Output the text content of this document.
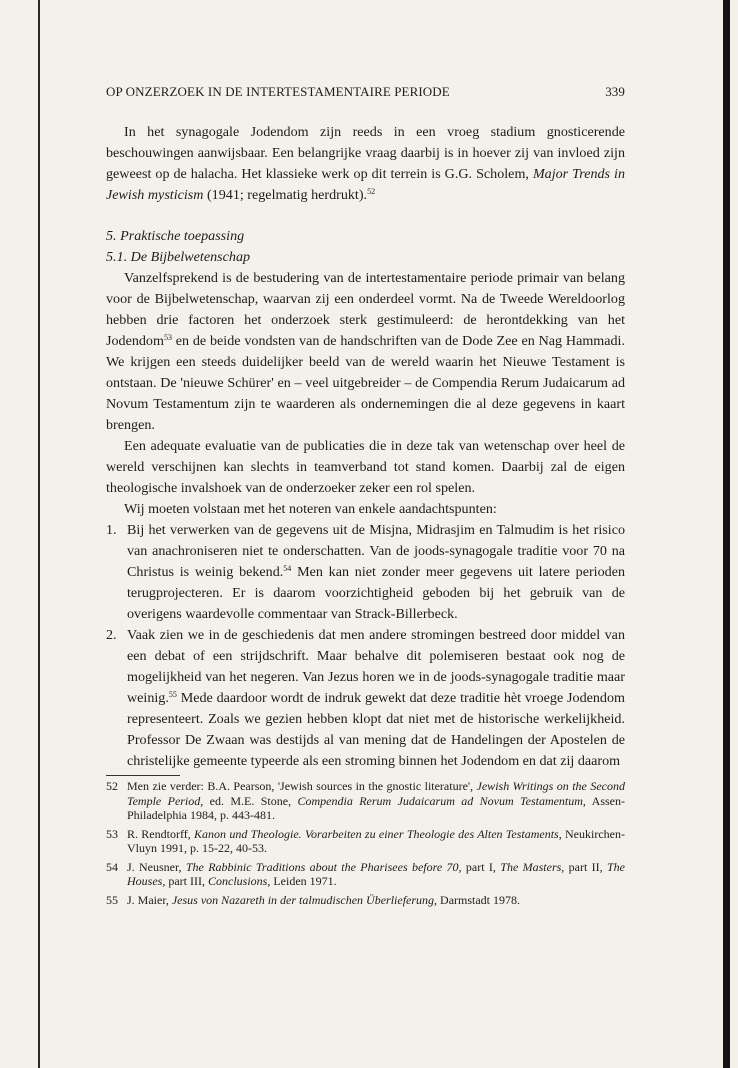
OP ONZERZOEK IN DE INTERTESTAMENTAIRE PERIODE	339

In het synagogale Jodendom zijn reeds in een vroeg stadium gnosticerende beschouwingen aanwijsbaar. Een belangrijke vraag daarbij is in hoever zij van invloed zijn geweest op de halacha. Het klassieke werk op dit terrein is G.G. Scholem, Major Trends in Jewish mysticism (1941; regelmatig herdrukt).$^{52}$

5. Praktische toepassing

5.1. De Bijbelwetenschap

Vanzelfsprekend is de bestudering van de intertestamentaire periode primair van belang voor de Bijbelwetenschap, waarvan zij een onderdeel vormt. Na de Tweede Wereldoorlog hebben drie factoren het onderzoek sterk gestimuleerd: de herontdekking van het Jodendom$^{53}$ en de beide vondsten van de handschriften van de Dode Zee en Nag Hammadi. We krijgen een steeds duidelijker beeld van de wereld waarin het Nieuwe Testament is ontstaan. De 'nieuwe Schürer' en – veel uitgebreider – de Compendia Rerum Judaicarum ad Novum Testamentum zijn te waarderen als ondernemingen die al deze gegevens in kaart brengen.

Een adequate evaluatie van de publicaties die in deze tak van wetenschap over heel de wereld verschijnen kan slechts in teamverband tot stand komen. Daarbij zal de eigen theologische invalshoek van de onderzoeker zeker een rol spelen.

Wij moeten volstaan met het noteren van enkele aandachtspunten:

1. Bij het verwerken van de gegevens uit de Misjna, Midrasjim en Talmudim is het risico van anachroniseren niet te onderschatten. Van de joods-synagogale traditie voor 70 na Christus is weinig bekend.$^{54}$ Men kan niet zonder meer gegevens uit latere perioden terugprojecteren. Er is daarom voorzichtigheid geboden bij het gebruik van de overigens waardevolle commentaar van Strack-Billerbeck.

2. Vaak zien we in de geschiedenis dat men andere stromingen bestreed door middel van een debat of een strijdschrift. Maar behalve dit polemiseren bestaat ook nog de mogelijkheid van het negeren. Van Jezus horen we in de joods-synagogale traditie maar weinig.$^{55}$ Mede daardoor wordt de indruk gewekt dat deze traditie hèt vroege Jodendom representeert. Zoals we gezien hebben klopt dat niet met de historische werkelijkheid. Professor De Zwaan was destijds al van mening dat de Handelingen der Apostelen de christelijke gemeente typeerde als een stroming binnen het Jodendom en dat zij daarom

52 Men zie verder: B.A. Pearson, 'Jewish sources in the gnostic literature', Jewish Writings on the Second Temple Period, ed. M.E. Stone, Compendia Rerum Judaicarum ad Novum Testamentum, Assen-Philadelphia 1984, p. 443-481.
53 R. Rendtorff, Kanon und Theologie. Vorarbeiten zu einer Theologie des Alten Testaments, Neukirchen-Vluyn 1991, p. 15-22, 40-53.
54 J. Neusner, The Rabbinic Traditions about the Pharisees before 70, part I, The Masters, part II, The Houses, part III, Conclusions, Leiden 1971.
55 J. Maier, Jesus von Nazareth in der talmudischen Überlieferung, Darmstadt 1978.
